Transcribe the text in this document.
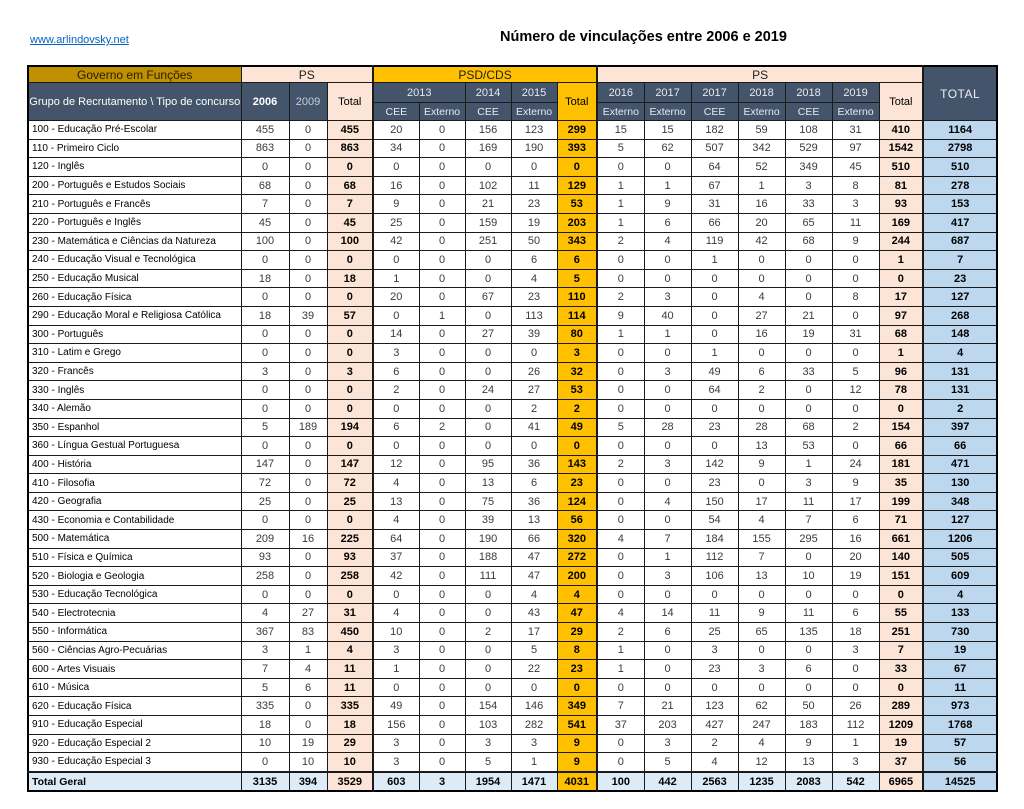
www.arlindovsky.net	Número de vinculações entre 2006 e 2019
Governo em Funções	PS			PSD/CDS					PS							TOTAL
Grupo de Recrutamento \ Tipo de concurso	2006	2009	Total	2013		2014	2015	Total	2016	2017	2017	2018	2018	2019	Total	
				CEE	Externo	CEE	Externo		Externo	Externo	CEE	Externo	CEE	Externo		
100 - Educação Pré-Escolar	455	0	455	20	0	156	123	299	15	15	182	59	108	31	410	1164
110 - Primeiro Ciclo	863	0	863	34	0	169	190	393	5	62	507	342	529	97	1542	2798
120 - Inglês	0	0	0	0	0	0	0	0	0	0	64	52	349	45	510	510
200 - Português e Estudos Sociais	68	0	68	16	0	102	11	129	1	1	67	1	3	8	81	278
210 - Português e Francês	7	0	7	9	0	21	23	53	1	9	31	16	33	3	93	153
220 - Português e Inglês	45	0	45	25	0	159	19	203	1	6	66	20	65	11	169	417
230 - Matemática e Ciências da Natureza	100	0	100	42	0	251	50	343	2	4	119	42	68	9	244	687
240 - Educação Visual e Tecnológica	0	0	0	0	0	0	6	6	0	0	1	0	0	0	1	7
250 - Educação Musical	18	0	18	1	0	0	4	5	0	0	0	0	0	0	0	23
260 - Educação Física	0	0	0	20	0	67	23	110	2	3	0	4	0	8	17	127
290 - Educação Moral e Religiosa Católica	18	39	57	0	1	0	113	114	9	40	0	27	21	0	97	268
300 - Português	0	0	0	14	0	27	39	80	1	1	0	16	19	31	68	148
310 - Latim e Grego	0	0	0	3	0	0	0	3	0	0	1	0	0	0	1	4
320 - Francês	3	0	3	6	0	0	26	32	0	3	49	6	33	5	96	131
330 - Inglês	0	0	0	2	0	24	27	53	0	0	64	2	0	12	78	131
340 - Alemão	0	0	0	0	0	0	2	2	0	0	0	0	0	0	0	2
350 - Espanhol	5	189	194	6	2	0	41	49	5	28	23	28	68	2	154	397
360 - Língua Gestual Portuguesa	0	0	0	0	0	0	0	0	0	0	0	13	53	0	66	66
400 - História	147	0	147	12	0	95	36	143	2	3	142	9	1	24	181	471
410 - Filosofia	72	0	72	4	0	13	6	23	0	0	23	0	3	9	35	130
420 - Geografia	25	0	25	13	0	75	36	124	0	4	150	17	11	17	199	348
430 - Economia e Contabilidade	0	0	0	4	0	39	13	56	0	0	54	4	7	6	71	127
500 - Matemática	209	16	225	64	0	190	66	320	4	7	184	155	295	16	661	1206
510 - Física e Química	93	0	93	37	0	188	47	272	0	1	112	7	0	20	140	505
520 - Biologia e Geologia	258	0	258	42	0	111	47	200	0	3	106	13	10	19	151	609
530 - Educação Tecnológica	0	0	0	0	0	0	4	4	0	0	0	0	0	0	0	4
540 - Electrotecnia	4	27	31	4	0	0	43	47	4	14	11	9	11	6	55	133
550 - Informática	367	83	450	10	0	2	17	29	2	6	25	65	135	18	251	730
560 - Ciências Agro-Pecuárias	3	1	4	3	0	0	5	8	1	0	3	0	0	3	7	19
600 - Artes Visuais	7	4	11	1	0	0	22	23	1	0	23	3	6	0	33	67
610 - Música	5	6	11	0	0	0	0	0	0	0	0	0	0	0	0	11
620 - Educação Física	335	0	335	49	0	154	146	349	7	21	123	62	50	26	289	973
910 - Educação Especial	18	0	18	156	0	103	282	541	37	203	427	247	183	112	1209	1768
920 - Educação Especial 2	10	19	29	3	0	3	3	9	0	3	2	4	9	1	19	57
930 - Educação Especial 3	0	10	10	3	0	5	1	9	0	5	4	12	13	3	37	56
Total Geral	3135	394	3529	603	3	1954	1471	4031	100	442	2563	1235	2083	542	6965	14525
